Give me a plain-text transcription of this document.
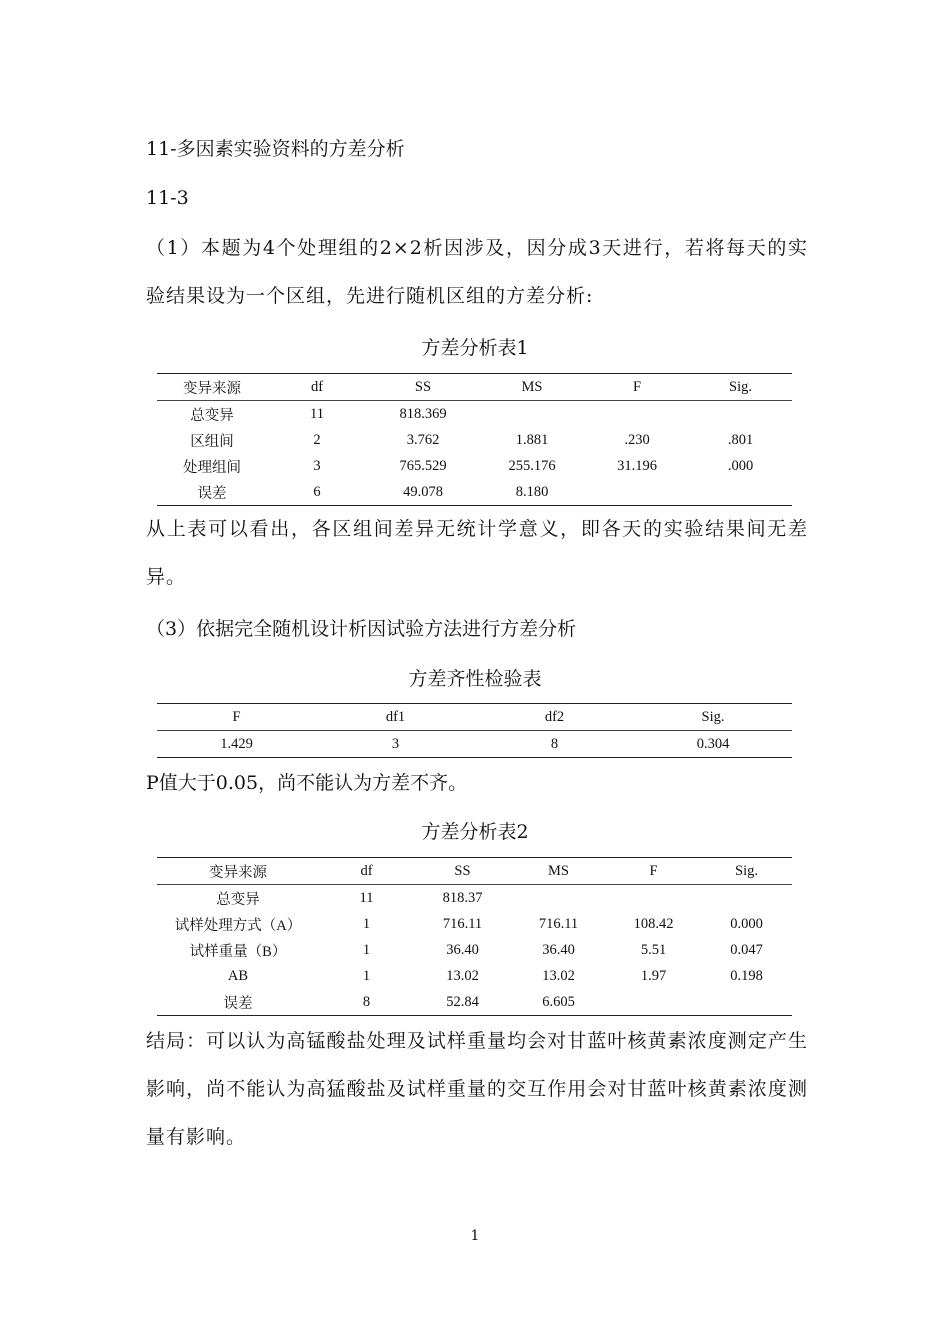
11-多因素实验资料的方差分析
11-3
（1）本题为4个处理组的2×2析因涉及，因分成3天进行，若将每天的实验结果设为一个区组，先进行随机区组的方差分析:
方差分析表1
变异来源	df	SS	MS	F	Sig.
总变异	11	818.369			
区组间	2	3.762	1.881	.230	.801
处理组间	3	765.529	255.176	31.196	.000
误差	6	49.078	8.180		
从上表可以看出，各区组间差异无统计学意义，即各天的实验结果间无差异。
（3）依据完全随机设计析因试验方法进行方差分析
方差齐性检验表
F	df1	df2	Sig.
1.429	3	8	0.304
P值大于0.05，尚不能认为方差不齐。
方差分析表2
变异来源	df	SS	MS	F	Sig.
总变异	11	818.37			
试样处理方式（A）	1	716.11	716.11	108.42	0.000
试样重量（B）	1	36.40	36.40	5.51	0.047
AB	1	13.02	13.02	1.97	0.198
误差	8	52.84	6.605		
结局：可以认为高锰酸盐处理及试样重量均会对甘蓝叶核黄素浓度测定产生影响，尚不能认为高猛酸盐及试样重量的交互作用会对甘蓝叶核黄素浓度测量有影响。
1
